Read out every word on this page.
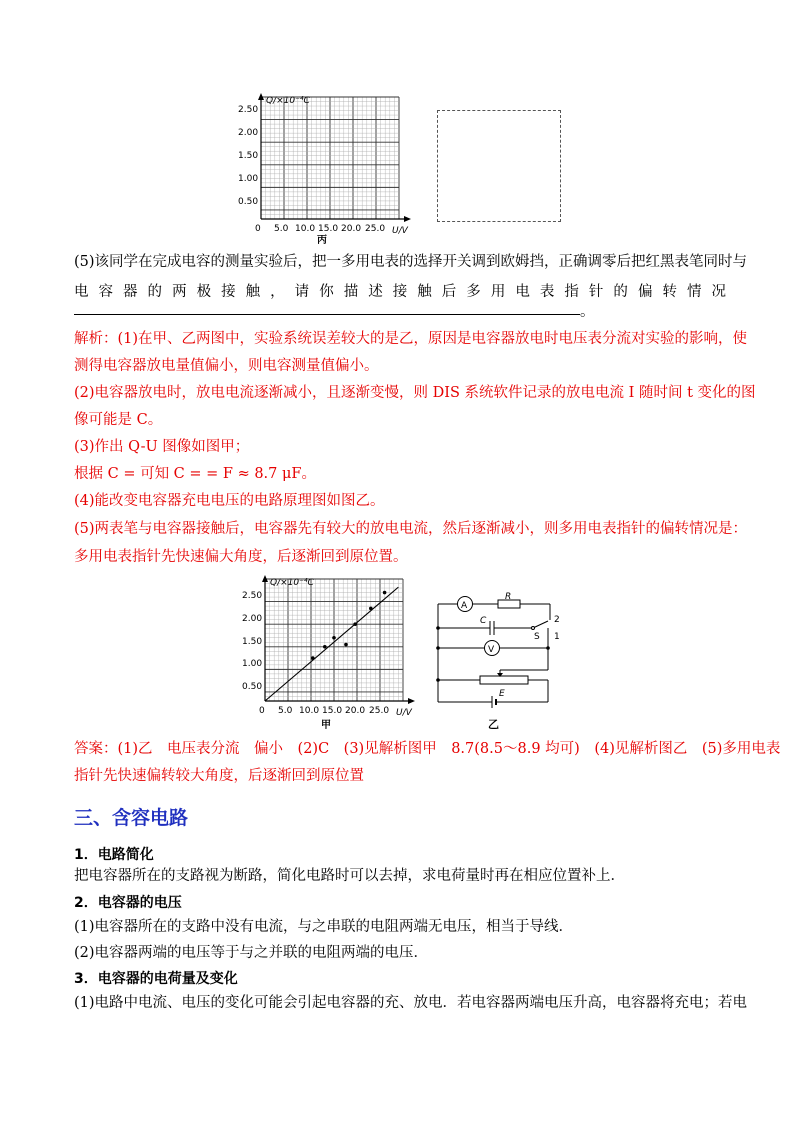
Q/×10⁻⁴C
U/V
2.50
2.00
1.50
1.00
0.50
0 5.0 10.0 15.0 20.0 25.0
丙
(5)该同学在完成电容的测量实验后，把一多用电表的选择开关调到欧姆挡，正确调零后把红黑表笔同时与
电容器的两极接触，请你描述接触后多用电表指针的偏转情况
。
解析：(1)在甲、乙两图中，实验系统误差较大的是乙，原因是电容器放电时电压表分流对实验的影响，使
测得电容器放电量值偏小，则电容测量值偏小。
(2)电容器放电时，放电电流逐渐减小，且逐渐变慢，则 DIS 系统软件记录的放电电流 I 随时间 t 变化的图
像可能是 C。
(3)作出 Q-U 图像如图甲；
根据 C = 可知 C = = F ≈ 8.7 μF。
(4)能改变电容器充电电压的电路原理图如图乙。
(5)两表笔与电容器接触后，电容器先有较大的放电电流，然后逐渐减小，则多用电表指针的偏转情况是：
多用电表指针先快速偏大角度，后逐渐回到原位置。
Q/×10⁻⁴C
U/V
2.50
2.00
1.50
1.00
0.50
0 5.0 10.0 15.0 20.0 25.0
甲
A
R
C
S
V
E
1
2
乙
答案：(1)乙　电压表分流　偏小　(2)C　(3)见解析图甲　8.7(8.5～8.9 均可)　(4)见解析图乙　(5)多用电表
指针先快速偏转较大角度，后逐渐回到原位置
三、含容电路
1．电路简化
把电容器所在的支路视为断路，简化电路时可以去掉，求电荷量时再在相应位置补上．
2．电容器的电压
(1)电容器所在的支路中没有电流，与之串联的电阻两端无电压，相当于导线．
(2)电容器两端的电压等于与之并联的电阻两端的电压．
3．电容器的电荷量及变化
(1)电路中电流、电压的变化可能会引起电容器的充、放电．若电容器两端电压升高，电容器将充电；若电
